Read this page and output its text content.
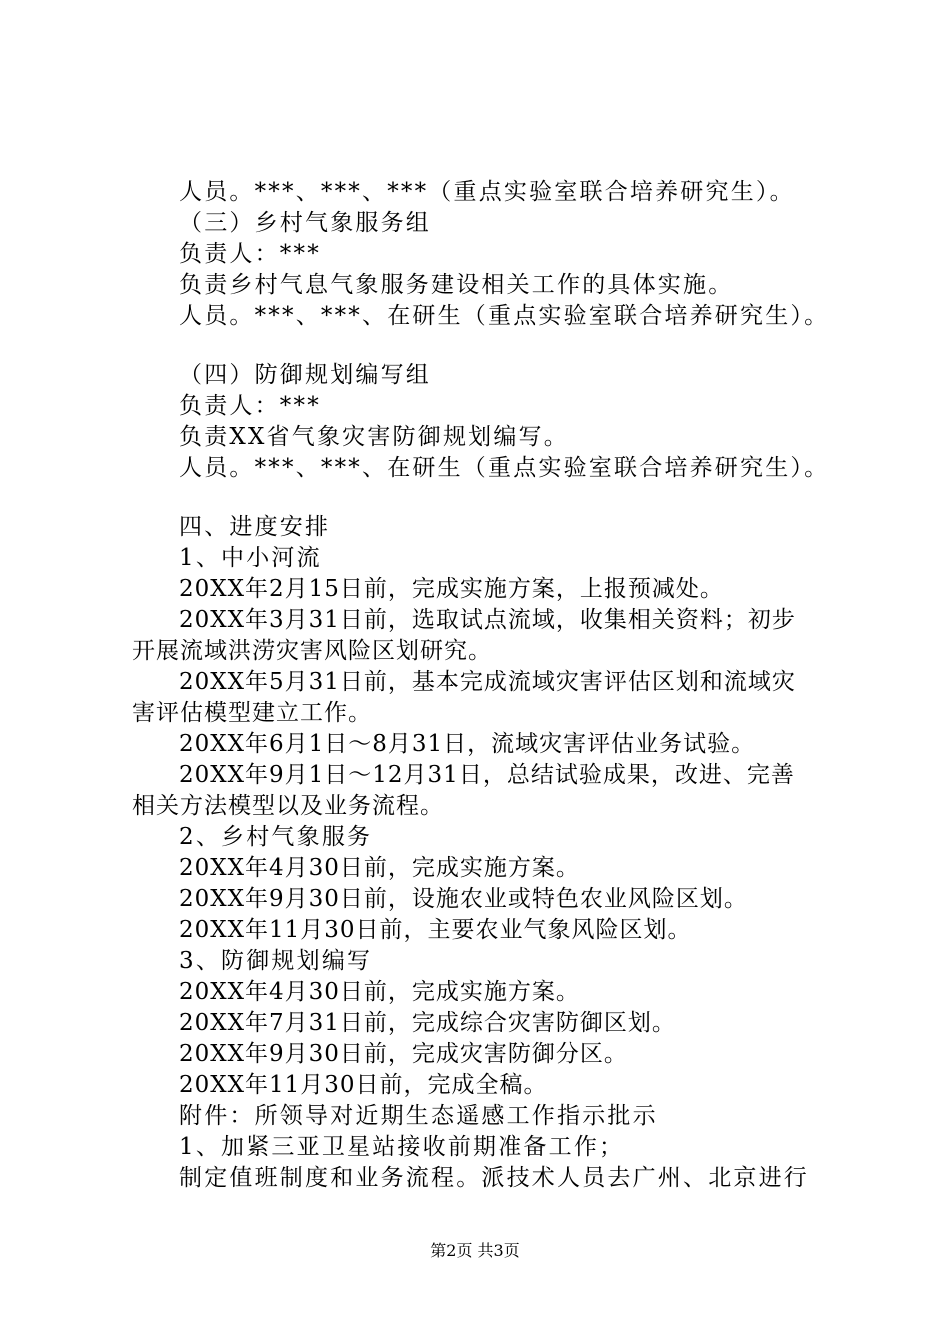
人员。***、***、***（重点实验室联合培养研究生）。
（三）乡村气象服务组
负责人：***
负责乡村气息气象服务建设相关工作的具体实施。
人员。***、***、在研生（重点实验室联合培养研究生）。
（四）防御规划编写组
负责人：***
负责XX省气象灾害防御规划编写。
人员。***、***、在研生（重点实验室联合培养研究生）。
四、进度安排
1、中小河流
20XX年2月15日前，完成实施方案，上报预减处。
20XX年3月31日前，选取试点流域，收集相关资料；初步
开展流域洪涝灾害风险区划研究。
20XX年5月31日前，基本完成流域灾害评估区划和流域灾
害评估模型建立工作。
20XX年6月1日～8月31日，流域灾害评估业务试验。
20XX年9月1日～12月31日，总结试验成果，改进、完善
相关方法模型以及业务流程。
2、乡村气象服务
20XX年4月30日前，完成实施方案。
20XX年9月30日前，设施农业或特色农业风险区划。
20XX年11月30日前，主要农业气象风险区划。
3、防御规划编写
20XX年4月30日前，完成实施方案。
20XX年7月31日前，完成综合灾害防御区划。
20XX年9月30日前，完成灾害防御分区。
20XX年11月30日前，完成全稿。
附件：所领导对近期生态遥感工作指示批示
1、加紧三亚卫星站接收前期准备工作；
制定值班制度和业务流程。派技术人员去广州、北京进行
第2页 共3页
